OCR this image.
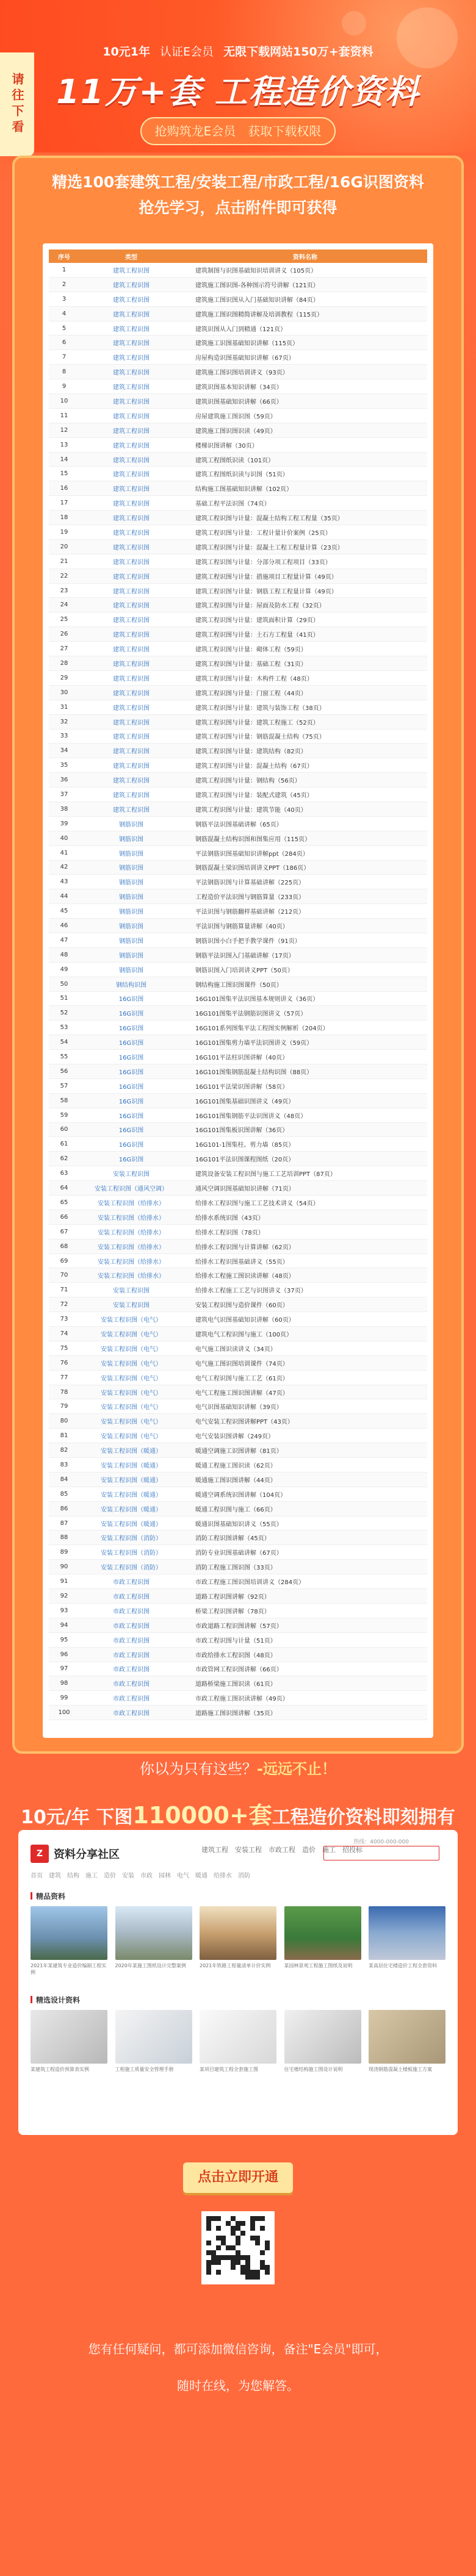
请往下看
10元1年 认证E会员 无限下载网站150万+套资料
11万+套 工程造价资料
抢购筑龙E会员　获取下载权限
精选100套建筑工程/安装工程/市政工程/16G识图资料
抢先学习，点击附件即可获得
序号	类型	资料名称
1	建筑工程识图	建筑制图与识图基础知识培训讲义（105页）
2	建筑工程识图	建筑施工图识图-各种图示符号讲解（121页）
3	建筑工程识图	建筑施工图识图从入门基础知识讲解（84页）
4	建筑工程识图	建筑施工图识图精简讲解及培训教程（115页）
5	建筑工程识图	建筑识图从入门到精通（121页）
6	建筑工程识图	建筑施工识图基础知识讲解（115页）
7	建筑工程识图	房屋构造识图基础知识讲解（67页）
8	建筑工程识图	建筑施工图识图培训讲义（93页）
9	建筑工程识图	建筑识图基本知识讲解（34页）
10	建筑工程识图	建筑识图基础知识讲解（66页）
11	建筑工程识图	房屋建筑施工图识图（59页）
12	建筑工程识图	建筑施工图识图识读（49页）
13	建筑工程识图	楼梯识图讲解（30页）
14	建筑工程识图	建筑工程图纸识读（101页）
15	建筑工程识图	建筑工程图纸识读与识图（51页）
16	建筑工程识图	结构施工图基础知识讲解（102页）
17	建筑工程识图	基础工程平法识图（74页）
18	建筑工程识图	建筑工程识图与计量：混凝土结构工程工程量（35页）
19	建筑工程识图	建筑工程识图与计量：工程计量计价案例（25页）
20	建筑工程识图	建筑工程识图与计量：混凝土工程工程量计算（23页）
21	建筑工程识图	建筑工程识图与计量：分部分项工程项目（33页）
22	建筑工程识图	建筑工程识图与计量：措施项目工程量计算（49页）
23	建筑工程识图	建筑工程识图与计量：钢筋工程工程量计算（49页）
24	建筑工程识图	建筑工程识图与计量：屋面及防水工程（32页）
25	建筑工程识图	建筑工程识图与计量：建筑面积计算（29页）
26	建筑工程识图	建筑工程识图与计量：土石方工程量（41页）
27	建筑工程识图	建筑工程识图与计量：砌体工程（59页）
28	建筑工程识图	建筑工程识图与计量：基础工程（31页）
29	建筑工程识图	建筑工程识图与计量：木构件工程（48页）
30	建筑工程识图	建筑工程识图与计量：门窗工程（44页）
31	建筑工程识图	建筑工程识图与计量：建筑与装饰工程（38页）
32	建筑工程识图	建筑工程识图与计量：建筑工程施工（52页）
33	建筑工程识图	建筑工程识图与计量：钢筋混凝土结构（75页）
34	建筑工程识图	建筑工程识图与计量：建筑结构（82页）
35	建筑工程识图	建筑工程识图与计量：混凝土结构（67页）
36	建筑工程识图	建筑工程识图与计量：钢结构（56页）
37	建筑工程识图	建筑工程识图与计量：装配式建筑（45页）
38	建筑工程识图	建筑工程识图与计量：建筑节能（40页）
39	钢筋识图	钢筋平法识图基础讲解（65页）
40	钢筋识图	钢筋混凝土结构识图和图集应用（115页）
41	钢筋识图	平法钢筋识图基础知识讲解ppt（284页）
42	钢筋识图	钢筋混凝土梁识图培训讲义PPT（186页）
43	钢筋识图	平法钢筋识图与计算基础讲解（225页）
44	钢筋识图	工程造价平法识图与钢筋算量（233页）
45	钢筋识图	平法识图与钢筋翻样基础讲解（212页）
46	钢筋识图	平法识图与钢筋算量讲解（40页）
47	钢筋识图	钢筋识图小白手把手教学课件（91页）
48	钢筋识图	钢筋平法识图入门基础讲解（17页）
49	钢筋识图	钢筋识图入门培训讲义PPT（50页）
50	钢结构识图	钢结构施工图识图课件（50页）
51	16G识图	16G101图集平法识图基本规则讲义（36页）
52	16G识图	16G101图集平法钢筋识图讲义（57页）
53	16G识图	16G101系列图集平法工程图实例解析（204页）
54	16G识图	16G101图集剪力墙平法识图讲义（59页）
55	16G识图	16G101平法柱识图讲解（40页）
56	16G识图	16G101图集钢筋混凝土结构识图（88页）
57	16G识图	16G101平法梁识图讲解（58页）
58	16G识图	16G101图集基础识图讲义（49页）
59	16G识图	16G101图集钢筋平法识图讲义（48页）
60	16G识图	16G101图集板识图讲解（36页）
61	16G识图	16G101-1图集柱、剪力墙（85页）
62	16G识图	16G101平法识图课程图纸（20页）
63	安装工程识图	建筑设备安装工程识图与施工工艺培训PPT（87页）
64	安装工程识图（通风空调）	通风空调识图基础知识讲解（71页）
65	安装工程识图（给排水）	给排水工程识图与施工工艺技术讲义（54页）
66	安装工程识图（给排水）	给排水系统识图（43页）
67	安装工程识图（给排水）	给排水工程识图（78页）
68	安装工程识图（给排水）	给排水工程识图与计算讲解（62页）
69	安装工程识图（给排水）	给排水工程识图基础讲义（55页）
70	安装工程识图（给排水）	给排水工程施工图识读讲解（48页）
71	安装工程识图	给排水工程施工工艺与识图讲义（37页）
72	安装工程识图	安装工程识图与造价课件（60页）
73	安装工程识图（电气）	建筑电气识图基础知识讲解（60页）
74	安装工程识图（电气）	建筑电气工程识图与施工（100页）
75	安装工程识图（电气）	电气施工图识读讲义（34页）
76	安装工程识图（电气）	电气施工图识图培训课件（74页）
77	安装工程识图（电气）	电气工程识图与施工工艺（61页）
78	安装工程识图（电气）	电气工程施工图识图讲解（47页）
79	安装工程识图（电气）	电气识图基础知识讲解（39页）
80	安装工程识图（电气）	电气安装工程识图讲解PPT（43页）
81	安装工程识图（电气）	电气安装识图讲解（249页）
82	安装工程识图（暖通）	暖通空调施工识图讲解（81页）
83	安装工程识图（暖通）	暖通工程施工图识读（62页）
84	安装工程识图（暖通）	暖通施工图识图讲解（44页）
85	安装工程识图（暖通）	暖通空调系统识图讲解（104页）
86	安装工程识图（暖通）	暖通工程识图与施工（66页）
87	安装工程识图（暖通）	暖通识图基础知识讲义（55页）
88	安装工程识图（消防）	消防工程识图讲解（45页）
89	安装工程识图（消防）	消防专业识图基础讲解（67页）
90	安装工程识图（消防）	消防工程施工图识图（33页）
91	市政工程识图	市政工程施工图识图培训讲义（284页）
92	市政工程识图	道路工程识图讲解（92页）
93	市政工程识图	桥梁工程识图讲解（78页）
94	市政工程识图	市政道路工程识图讲解（57页）
95	市政工程识图	市政工程识图与计量（51页）
96	市政工程识图	市政给排水工程识图（48页）
97	市政工程识图	市政管网工程识图讲解（66页）
98	市政工程识图	道路桥梁施工图识读（61页）
99	市政工程识图	市政工程施工图识读讲解（49页）
100	市政工程识图	道路施工图识图讲解（35页）
你以为只有这些？-远远不止！
10元/年 下图110000+套工程造价资料即刻拥有
Z 资料分享社区	建筑工程　安装工程　市政工程　造价　施工　招投标
热线：4000-000-000
首页　建筑　结构　施工　造价　安装　市政　园林　电气　暖通　给排水　消防
精品资料
2021年某建筑专业造价编制工程实例
2020年某施工图纸设计完整案例	2021年铁路工程量清单计价实例	某园林景观工程施工图纸及说明	某高层住宅楼造价工程全套资料
精选设计资料
某建筑工程造价预算表实例	工程施工质量安全管理手册	某项目建筑工程全套施工图	住宅楼结构施工图设计说明	现浇钢筋混凝土楼板施工方案
点击立即开通
您有任何疑问，都可添加微信咨询，备注"E会员"即可，
随时在线，为您解答。
